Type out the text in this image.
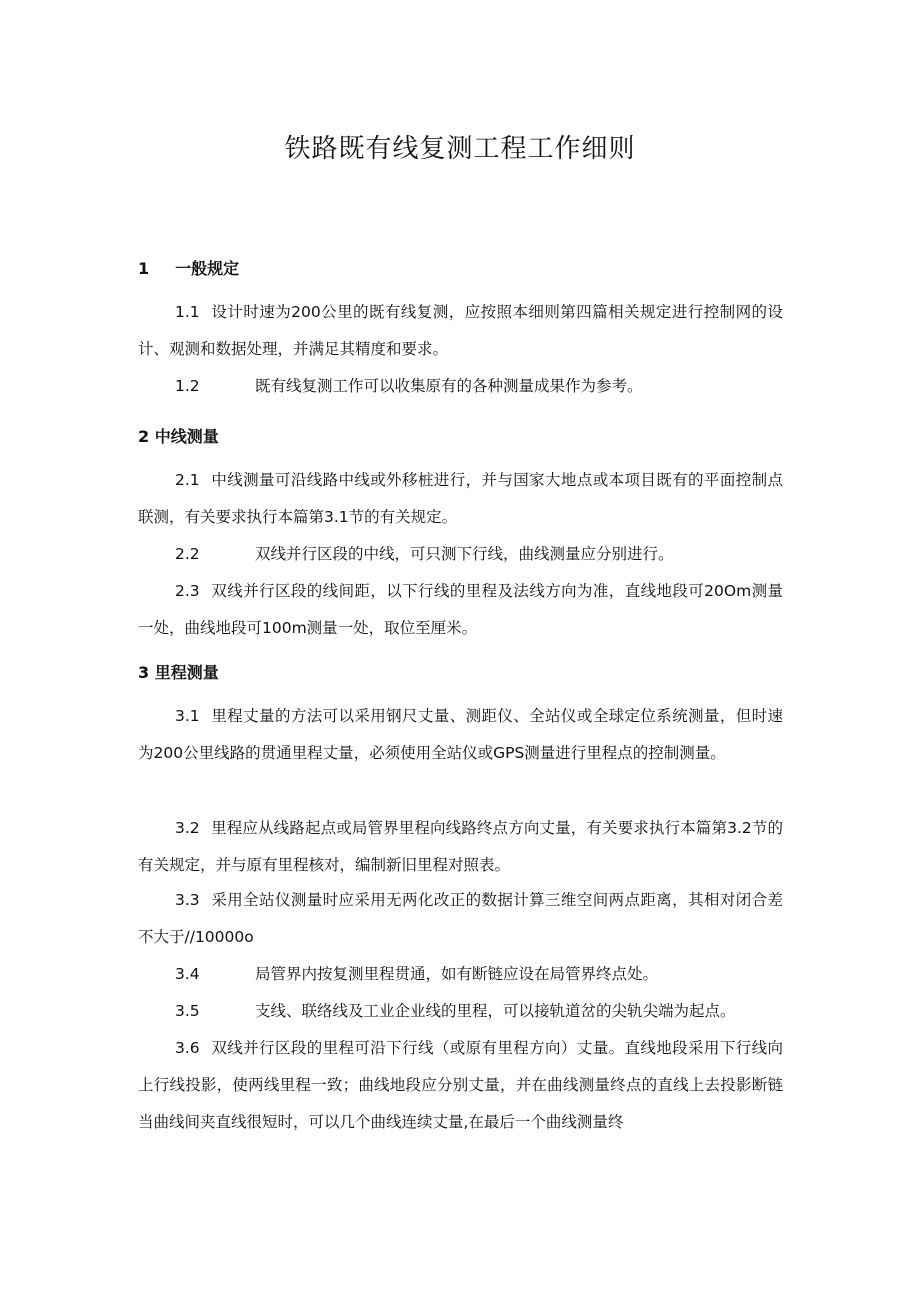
铁路既有线复测工程工作细则
1 一般规定
1.1 设计时速为200公里的既有线复测，应按照本细则第四篇相关规定进行控制网的设计、观测和数据处理，并满足其精度和要求。
1.2	既有线复测工作可以收集原有的各种测量成果作为参考。
2 中线测量
2.1 中线测量可沿线路中线或外移桩进行，并与国家大地点或本项目既有的平面控制点联测，有关要求执行本篇第3.1节的有关规定。
2.2	双线并行区段的中线，可只测下行线，曲线测量应分别进行。
2.3 双线并行区段的线间距，以下行线的里程及法线方向为准，直线地段可20Om测量一处，曲线地段可100m测量一处，取位至厘米。
3 里程测量
3.1 里程丈量的方法可以采用钢尺丈量、测距仪、全站仪或全球定位系统测量，但时速为200公里线路的贯通里程丈量，必须使用全站仪或GPS测量进行里程点的控制测量。
3.2 里程应从线路起点或局管界里程向线路终点方向丈量，有关要求执行本篇第3.2节的有关规定，并与原有里程核对，编制新旧里程对照表。
3.3 采用全站仪测量时应采用无两化改正的数据计算三维空间两点距离，其相对闭合差不大于∕∕10000o
3.4	局管界内按复测里程贯通，如有断链应设在局管界终点处。
3.5	支线、联络线及工业企业线的里程，可以接轨道岔的尖轨尖端为起点。
3.6 双线并行区段的里程可沿下行线（或原有里程方向）丈量。直线地段采用下行线向上行线投影，使两线里程一致；曲线地段应分别丈量，并在曲线测量终点的直线上去投影断链当曲线间夹直线很短时，可以几个曲线连续丈量,在最后一个曲线测量终
